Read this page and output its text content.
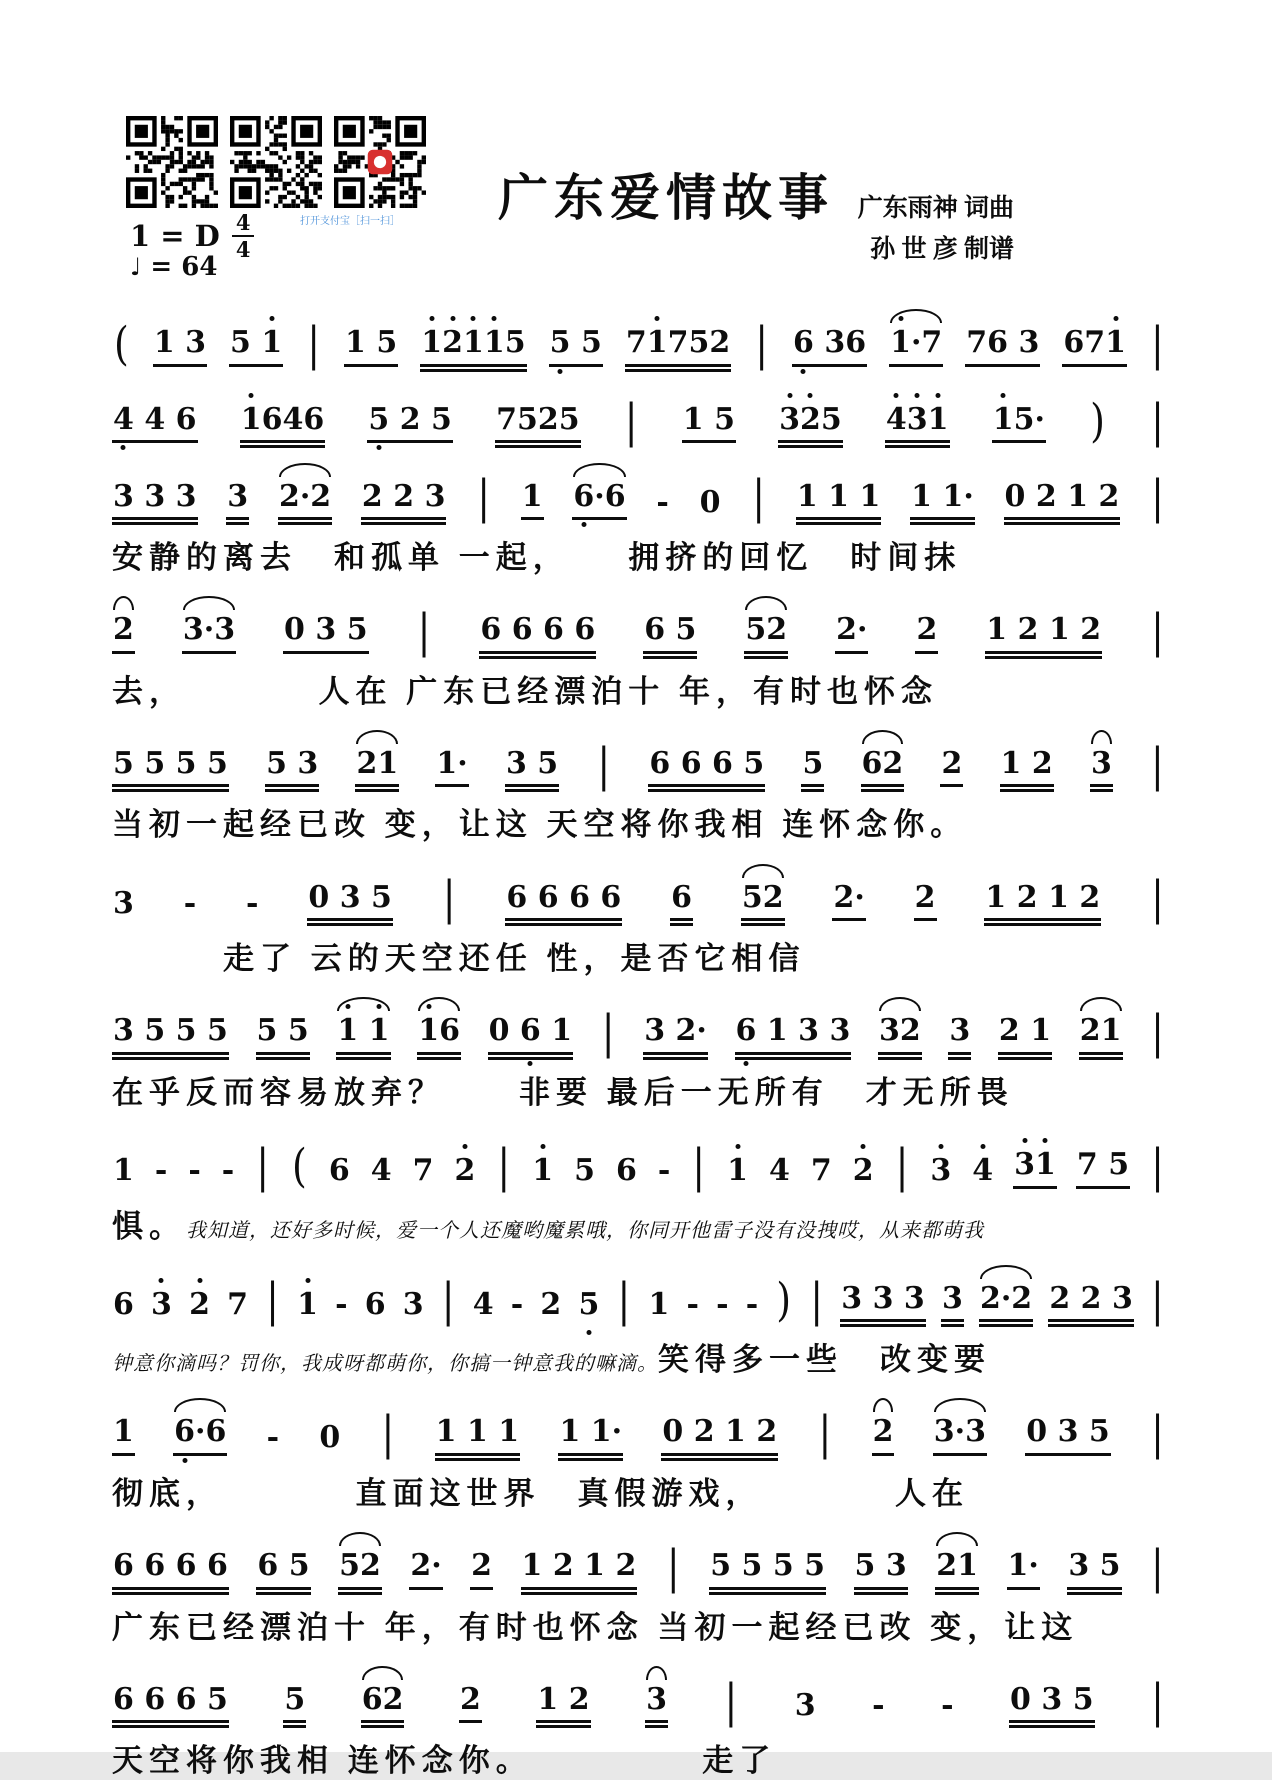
打开支付宝［扫一扫］	广东爱情故事 广东雨神 词曲
孙 世 彦 制谱
1 = D $\frac{4}{4}$
♩ = 64
( 1 3 5 1 | 1 5 12115 5 5 71752 | 6 36 1·7 76 3 671 |
4 4 6 1646 5 2 5 7525 | 1 5 325 431 15· ) |
3 3 3 3 2·2 2 2 3 | 1 6·6 - 0 | 1 1 1 1 1· 0 2 1 2 |
安静的离去　和孤单 一起，　　拥挤的回忆　时间抹
2 3·3 0 3 5 | 6 6 6 6 6 5 52 2· 2 1 2 1 2 |
去，　　　　人在 广东已经漂泊十 年，有时也怀念
5 5 5 5 5 3 21 1· 3 5 | 6 6 6 5 5 62 2 1 2 3 |
当初一起经已改 变，让这 天空将你我相 连怀念你。
3 - - 0 3 5 | 6 6 6 6 6 52 2· 2 1 2 1 2 |
　　　走了 云的天空还任 性，是否它相信
3 5 5 5 5 5 1 1 16 0 6 1 | 3 2· 6 1 3 3 32 3 2 1 21 |
在乎反而容易放弃？　　非要 最后一无所有　才无所畏
1 - - - | ( 6 4 7 2 | 1 5 6 - | 1 4 7 2 | 3 4 31 7 5 |
惧。我知道，还好多时候，爱一个人还魔哟魔累哦，你同开他雷子没有没拽哎，从来都萌我
6 3 2 7 | 1 - 6 3 | 4 - 2 5 | 1 - - - ) | 3 3 3 3 2·2 2 2 3 |
钟意你滴吗？罚你，我成呀都萌你，你搞一钟意我的嘛滴。笑得多一些　改变要
1 6·6 - 0 | 1 1 1 1 1· 0 2 1 2 | 2 3·3 0 3 5 |
彻底，　　　　直面这世界　真假游戏，　　　　人在
6 6 6 6 6 5 52 2· 2 1 2 1 2 | 5 5 5 5 5 3 21 1· 3 5 |
广东已经漂泊十 年，有时也怀念 当初一起经已改 变，让这
6 6 6 5 5 62 2 1 2 3 | 3 - - 0 3 5 |
天空将你我相 连怀念你。　　　　　走了
